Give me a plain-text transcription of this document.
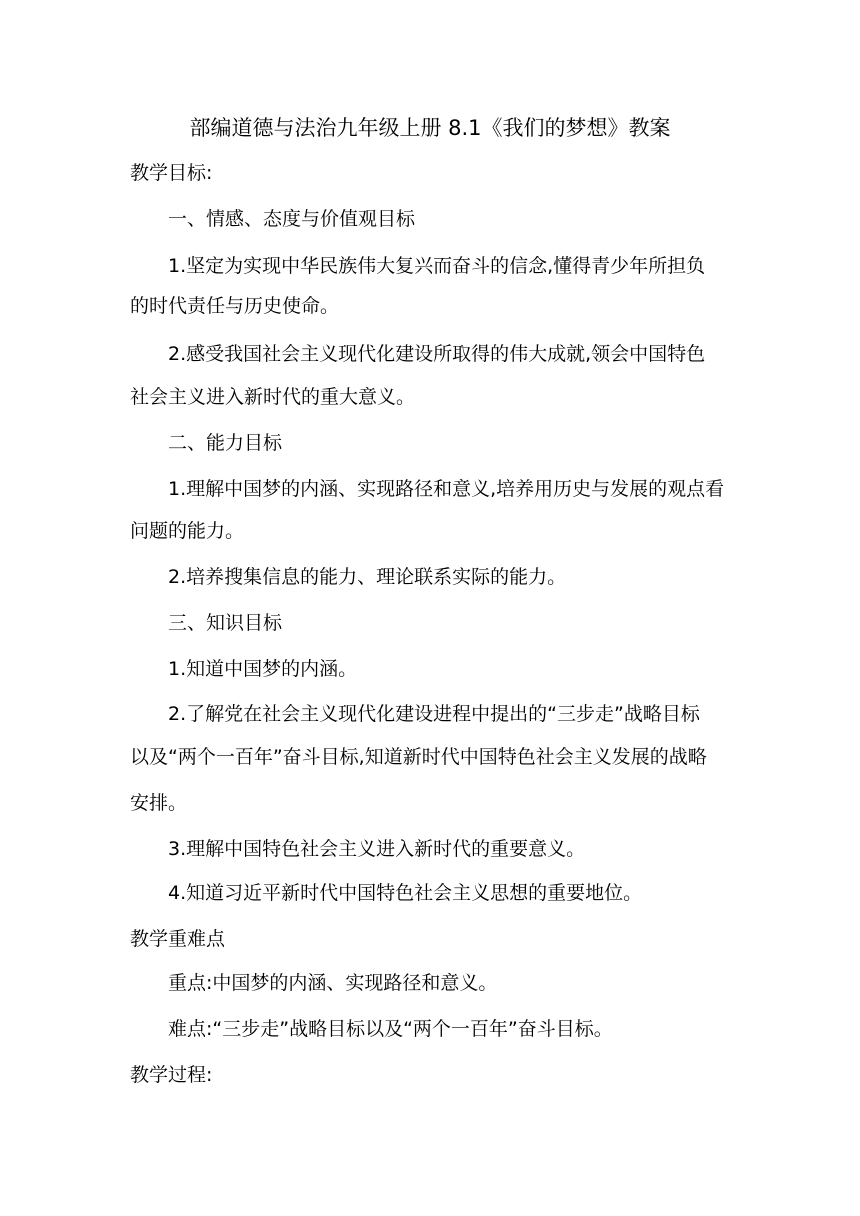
部编道德与法治九年级上册 8.1《我们的梦想》教案
教学目标:
一、情感、态度与价值观目标
1.坚定为实现中华民族伟大复兴而奋斗的信念,懂得青少年所担负
的时代责任与历史使命。
2.感受我国社会主义现代化建设所取得的伟大成就,领会中国特色
社会主义进入新时代的重大意义。
二、能力目标
1.理解中国梦的内涵、实现路径和意义,培养用历史与发展的观点看
问题的能力。
2.培养搜集信息的能力、理论联系实际的能力。
三、知识目标
1.知道中国梦的内涵。
2.了解党在社会主义现代化建设进程中提出的“三步走”战略目标
以及“两个一百年”奋斗目标,知道新时代中国特色社会主义发展的战略
安排。
3.理解中国特色社会主义进入新时代的重要意义。
4.知道习近平新时代中国特色社会主义思想的重要地位。
教学重难点
重点:中国梦的内涵、实现路径和意义。
难点:“三步走”战略目标以及“两个一百年”奋斗目标。
教学过程:
